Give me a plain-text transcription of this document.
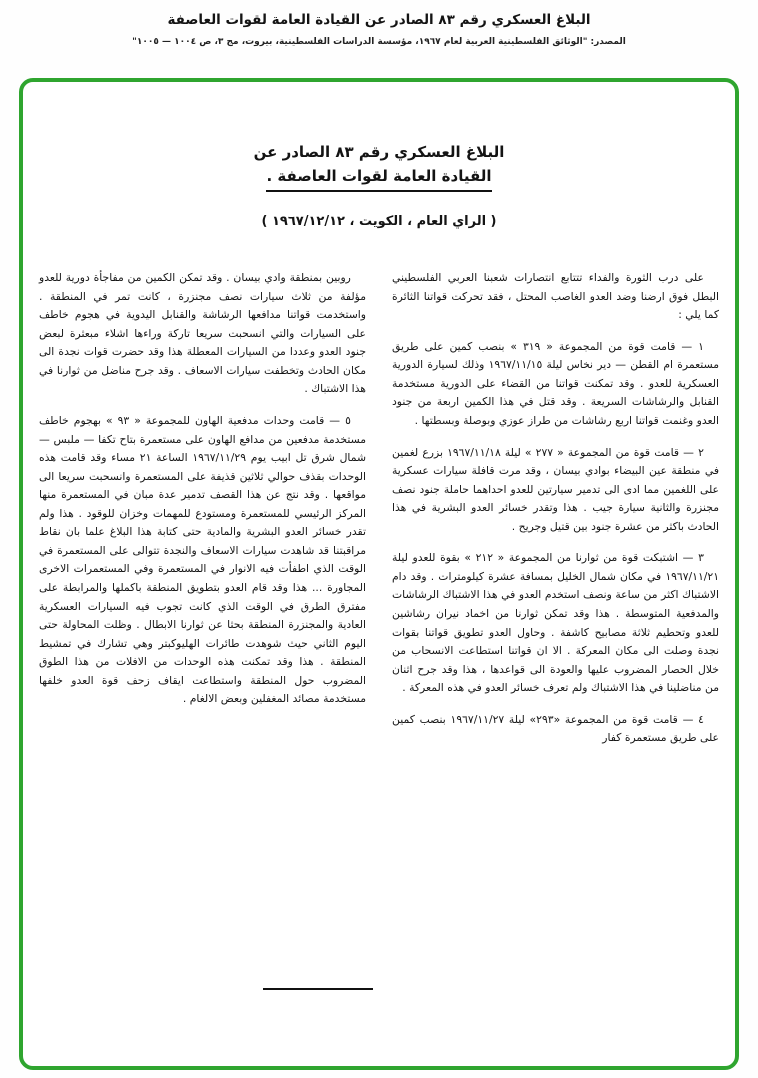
البلاغ العسكري رقم ٨٣ الصادر عن القيادة العامة لقوات العاصفة
المصدر: "الوثائق الفلسطينية العربية لعام ١٩٦٧، مؤسسة الدراسات الفلسطينية، بيروت، مج ٣، ص ١٠٠٤ — ١٠٠٥"
البلاغ العسكري رقم ٨٣ الصادر عن
القيادة العامة لقوات العاصفة .
( الراي العام ، الكويت ، ١٩٦٧/١٢/١٢ )

على درب الثورة والفداء تتتابع انتصارات شعبنا العربي الفلسطيني البطل فوق ارضنا وضد العدو الغاصب المحتل ، فقد تحركت قواتنا الثائرة كما يلي :

١ — قامت قوة من المجموعة « ٣١٩ » بنصب كمين على طريق مستعمرة ام القطن — دير نخاس ليلة ١٩٦٧/١١/١٥ وذلك لسيارة الدورية العسكرية للعدو . وقد تمكنت قواتنا من القضاء على الدورية مستخدمة القنابل والرشاشات السريعة . وقد قتل في هذا الكمين اربعة من جنود العدو وغنمت قواتنا اربع رشاشات من طراز عوزي وبوصلة وبسطتها .

٢ — قامت قوة من المجموعة « ٢٧٧ » ليلة ١٩٦٧/١١/١٨ بزرع لغمين في منطقة عين البيضاء بوادي بيسان ، وقد مرت قافلة سيارات عسكرية على اللغمين مما ادى الى تدمير سيارتين للعدو احداهما حاملة جنود نصف مجنزرة والثانية سيارة جيب . هذا وتقدر خسائر العدو البشرية في هذا الحادث باكثر من عشرة جنود بين قتيل وجريح .

٣ — اشتبكت قوة من ثوارنا من المجموعة « ٢١٢ » بقوة للعدو ليلة ١٩٦٧/١١/٢١ في مكان شمال الخليل بمسافة عشرة كيلومترات . وقد دام الاشتباك اكثر من ساعة ونصف استخدم العدو في هذا الاشتباك الرشاشات والمدفعية المتوسطة . هذا وقد تمكن ثوارنا من اخماد نيران رشاشين للعدو وتحطيم ثلاثة مصابيح كاشفة . وحاول العدو تطويق قواتنا بقوات نجدة وصلت الى مكان المعركة . الا ان قواتنا استطاعت الانسحاب من خلال الحصار المضروب عليها والعودة الى قواعدها ، هذا وقد جرح اثنان من مناضلينا في هذا الاشتباك ولم تعرف خسائر العدو في هذه المعركة .

٤ — قامت قوة من المجموعة «٢٩٣» ليلة ١٩٦٧/١١/٢٧ بنصب كمين على طريق مستعمرة كفار

روبين بمنطقة وادي بيسان . وقد تمكن الكمين من مفاجأة دورية للعدو مؤلفة من ثلاث سيارات نصف مجنزرة ، كانت تمر في المنطقة . واستخدمت قواتنا مدافعها الرشاشة والقنابل اليدوية في هجوم خاطف على السيارات والتي انسحبت سريعا تاركة وراءها اشلاء مبعثرة لبعض جنود العدو وعددا من السيارات المعطلة هذا وقد حضرت قوات نجدة الى مكان الحادث وتخطفت سيارات الاسعاف . وقد جرح مناضل من ثوارنا في هذا الاشتباك .

٥ — قامت وحدات مدفعية الهاون للمجموعة « ٩٣ » بهجوم خاطف مستخدمة مدفعين من مدافع الهاون على مستعمرة بتاح تكفا — ملبس — شمال شرق تل ابيب يوم ١٩٦٧/١١/٢٩ الساعة ٢١ مساء وقد قامت هذه الوحدات بقذف حوالي ثلاثين قذيفة على المستعمرة وانسحبت سريعا الى مواقعها . وقد نتج عن هذا القصف تدمير عدة مبان في المستعمرة منها المركز الرئيسي للمستعمرة ومستودع للمهمات وخزان للوقود . هذا ولم تقدر خسائر العدو البشرية والمادية حتى كتابة هذا البلاغ علما بان نقاط مراقبتنا قد شاهدت سيارات الاسعاف والنجدة تتوالى على المستعمرة في الوقت الذي اطفأت فيه الانوار في المستعمرة وفي المستعمرات الاخرى المجاورة ... هذا وقد قام العدو بتطويق المنطقة باكملها والمرابطة على مفترق الطرق في الوقت الذي كانت تجوب فيه السيارات العسكرية العادية والمجنزرة المنطقة بحثا عن ثوارنا الابطال . وظلت المحاولة حتى اليوم الثاني حيث شوهدت طائرات الهليوكبتر وهي تشارك في تمشيط المنطقة . هذا وقد تمكنت هذه الوحدات من الافلات من هذا الطوق المضروب حول المنطقة واستطاعت ايقاف زحف قوة العدو خلفها مستخدمة مصائد المغفلين وبعض الالغام .
